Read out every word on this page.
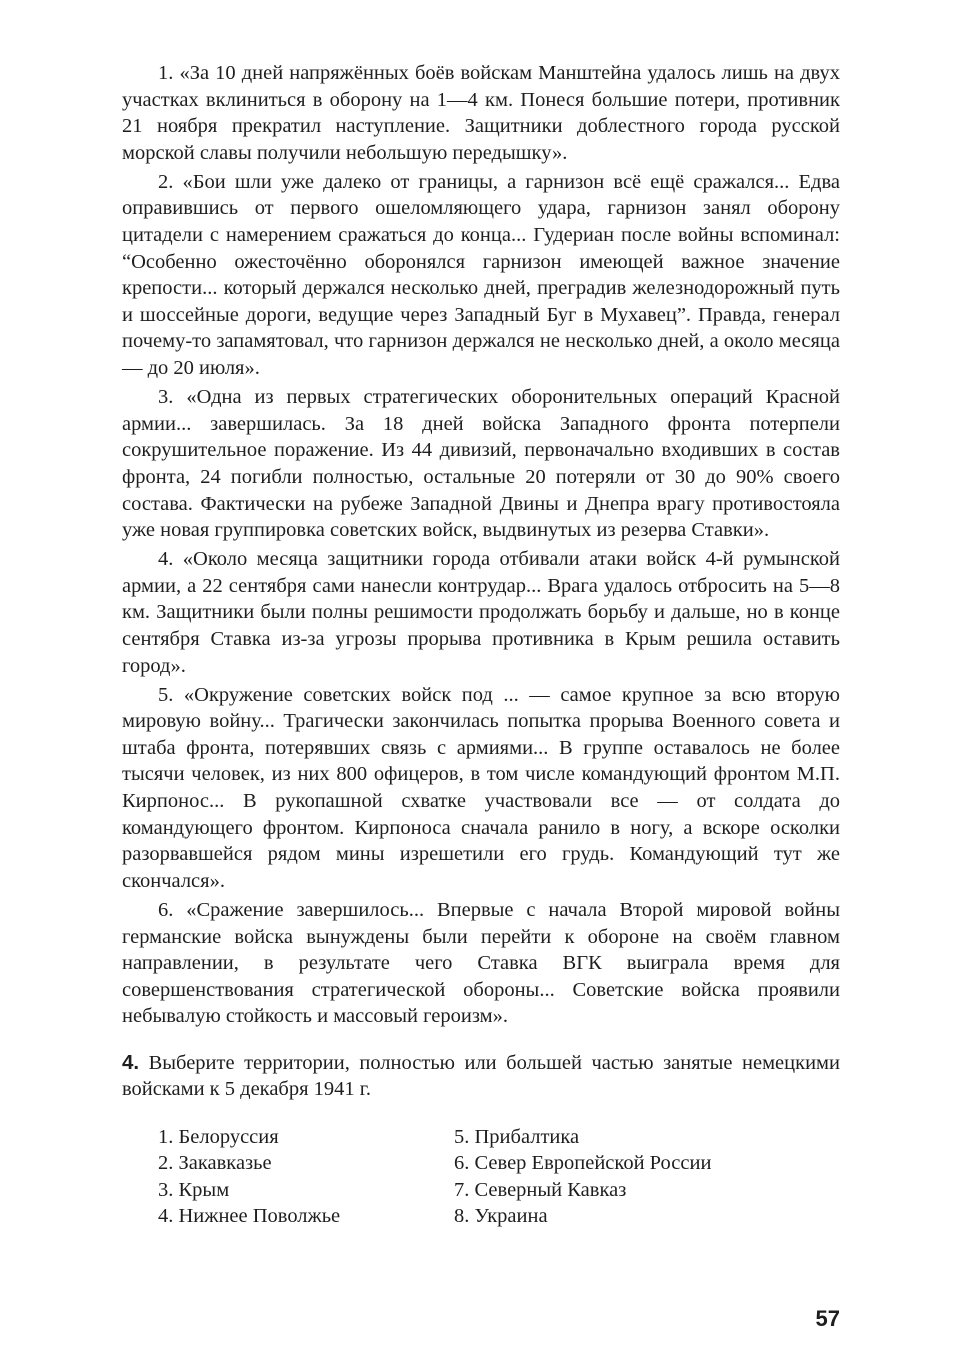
1. «За 10 дней напряжённых боёв войскам Манштейна удалось лишь на двух участках вклиниться в оборону на 1—4 км. Понеся большие потери, противник 21 ноября прекратил наступление. Защитники доблестного города русской морской славы получили небольшую передышку».

2. «Бои шли уже далеко от границы, а гарнизон всё ещё сражался... Едва оправившись от первого ошеломляющего удара, гарнизон занял оборону цитадели с намерением сражаться до конца... Гудериан после войны вспоминал: “Особенно ожесточённо оборонялся гарнизон имеющей важное значение крепости... который держался несколько дней, преградив железнодорожный путь и шоссейные дороги, ведущие через Западный Буг в Мухавец”. Правда, генерал почему-то запамятовал, что гарнизон держался не несколько дней, а около месяца — до 20 июля».

3. «Одна из первых стратегических оборонительных операций Красной армии... завершилась. За 18 дней войска Западного фронта потерпели сокрушительное поражение. Из 44 дивизий, первоначально входивших в состав фронта, 24 погибли полностью, остальные 20 потеряли от 30 до 90% своего состава. Фактически на рубеже Западной Двины и Днепра врагу противостояла уже новая группировка советских войск, выдвинутых из резерва Ставки».

4. «Около месяца защитники города отбивали атаки войск 4-й румынской армии, а 22 сентября сами нанесли контрудар... Врага удалось отбросить на 5—8 км. Защитники были полны решимости продолжать борьбу и дальше, но в конце сентября Ставка из-за угрозы прорыва противника в Крым решила оставить город».

5. «Окружение советских войск под ... — самое крупное за всю вторую мировую войну... Трагически закончилась попытка прорыва Военного совета и штаба фронта, потерявших связь с армиями... В группе оставалось не более тысячи человек, из них 800 офицеров, в том числе командующий фронтом М.П. Кирпонос... В рукопашной схватке участвовали все — от солдата до командующего фронтом. Кирпоноса сначала ранило в ногу, а вскоре осколки разорвавшейся рядом мины изрешетили его грудь. Командующий тут же скончался».

6. «Сражение завершилось... Впервые с начала Второй мировой войны германские войска вынуждены были перейти к обороне на своём главном направлении, в результате чего Ставка ВГК выиграла время для совершенствования стратегической обороны... Советские войска проявили небывалую стойкость и массовый героизм».

4. Выберите территории, полностью или большей частью занятые немецкими войсками к 5 декабря 1941 г.

1. Белоруссия	5. Прибалтика
2. Закавказье	6. Север Европейской России
3. Крым	7. Северный Кавказ
4. Нижнее Поволжье	8. Украина
57
